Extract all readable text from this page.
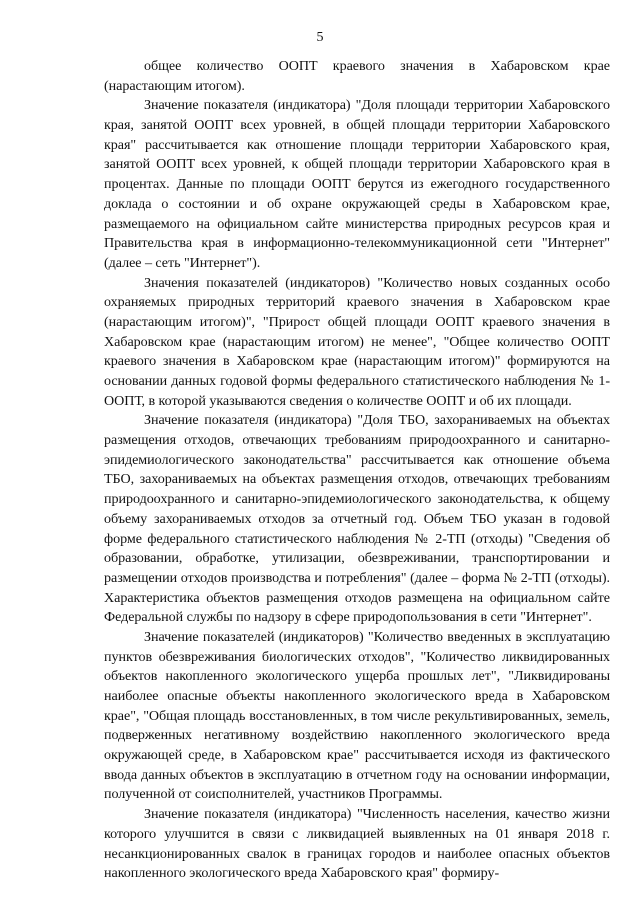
5

общее количество ООПТ краевого значения в Хабаровском крае (нарастающим итогом).

Значение показателя (индикатора) "Доля площади территории Хабаровского края, занятой ООПТ всех уровней, в общей площади территории Хабаровского края" рассчитывается как отношение площади территории Хабаровского края, занятой ООПТ всех уровней, к общей площади территории Хабаровского края в процентах. Данные по площади ООПТ берутся из ежегодного государственного доклада о состоянии и об охране окружающей среды в Хабаровском крае, размещаемого на официальном сайте министерства природных ресурсов края и Правительства края в информационно-телекоммуникационной сети "Интернет" (далее – сеть "Интернет").

Значения показателей (индикаторов) "Количество новых созданных особо охраняемых природных территорий краевого значения в Хабаровском крае (нарастающим итогом)", "Прирост общей площади ООПТ краевого значения в Хабаровском крае (нарастающим итогом) не менее", "Общее количество ООПТ краевого значения в Хабаровском крае (нарастающим итогом)" формируются на основании данных годовой формы федерального статистического наблюдения № 1-ООПТ, в которой указываются сведения о количестве ООПТ и об их площади.

Значение показателя (индикатора) "Доля ТБО, захораниваемых на объектах размещения отходов, отвечающих требованиям природоохранного и санитарно-эпидемиологического законодательства" рассчитывается как отношение объема ТБО, захораниваемых на объектах размещения отходов, отвечающих требованиям природоохранного и санитарно-эпидемиологического законодательства, к общему объему захораниваемых отходов за отчетный год. Объем ТБО указан в годовой форме федерального статистического наблюдения № 2-ТП (отходы) "Сведения об образовании, обработке, утилизации, обезвреживании, транспортировании и размещении отходов производства и потребления" (далее – форма № 2-ТП (отходы). Характеристика объектов размещения отходов размещена на официальном сайте Федеральной службы по надзору в сфере природопользования в сети "Интернет".

Значение показателей (индикаторов) "Количество введенных в эксплуатацию пунктов обезвреживания биологических отходов", "Количество ликвидированных объектов накопленного экологического ущерба прошлых лет", "Ликвидированы наиболее опасные объекты накопленного экологического вреда в Хабаровском крае", "Общая площадь восстановленных, в том числе рекультивированных, земель, подверженных негативному воздействию накопленного экологического вреда окружающей среде, в Хабаровском крае" рассчитывается исходя из фактического ввода данных объектов в эксплуатацию в отчетном году на основании информации, полученной от соисполнителей, участников Программы.

Значение показателя (индикатора) "Численность населения, качество жизни которого улучшится в связи с ликвидацией выявленных на 01 января 2018 г. несанкционированных свалок в границах городов и наиболее опасных объектов накопленного экологического вреда Хабаровского края" формиру-
